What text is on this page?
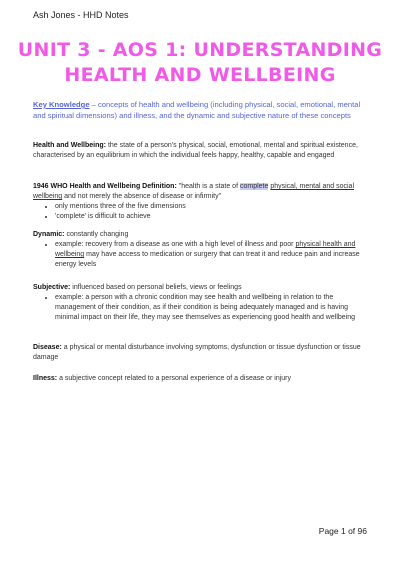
Ash Jones - HHD Notes
UNIT 3 - AOS 1: UNDERSTANDING
HEALTH AND WELLBEING
Key Knowledge – concepts of health and wellbeing (including physical, social, emotional, mental and spiritual dimensions) and illness, and the dynamic and subjective nature of these concepts
Health and Wellbeing: the state of a person's physical, social, emotional, mental and spiritual existence, characterised by an equilibrium in which the individual feels happy, healthy, capable and engaged
1946 WHO Health and Wellbeing Definition: "health is a state of complete physical, mental and social wellbeing and not merely the absence of disease or infirmity"
• only mentions three of the five dimensions
• 'complete' is difficult to achieve
Dynamic: constantly changing
• example: recovery from a disease as one with a high level of illness and poor physical health and wellbeing may have access to medication or surgery that can treat it and reduce pain and increase energy levels
Subjective: influenced based on personal beliefs, views or feelings
• example: a person with a chronic condition may see health and wellbeing in relation to the management of their condition, as if their condition is being adequately managed and is having minimal impact on their life, they may see themselves as experiencing good health and wellbeing
Disease: a physical or mental disturbance involving symptoms, dysfunction or tissue dysfunction or tissue damage
Illness: a subjective concept related to a personal experience of a disease or injury
Page 1 of 96
